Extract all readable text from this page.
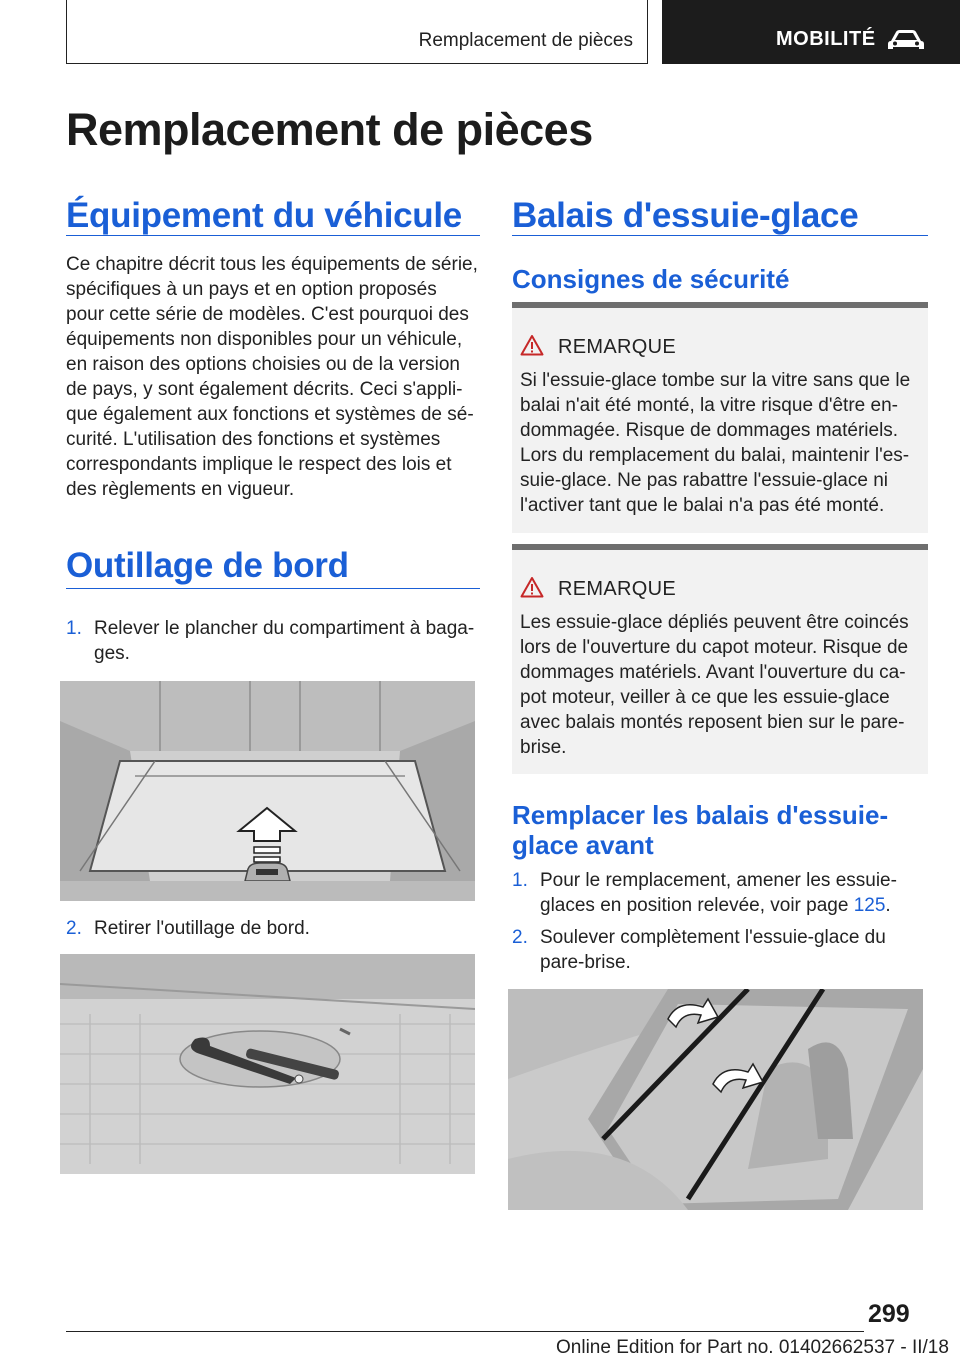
Remplacement de pièces	MOBILITÉ
Remplacement de pièces
Équipement du véhicule
Ce chapitre décrit tous les équipements de série,
spécifiques à un pays et en option proposés
pour cette série de modèles. C'est pourquoi des
équipements non disponibles pour un véhicule,
en raison des options choisies ou de la version
de pays, y sont également décrits. Ceci s'appli‐
que également aux fonctions et systèmes de sé‐
curité. L'utilisation des fonctions et systèmes
correspondants implique le respect des lois et
des règlements en vigueur.
Outillage de bord
1. Relever le plancher du compartiment à baga‐
ges.
2. Retirer l'outillage de bord.
Balais d'essuie-glace
Consignes de sécurité
REMARQUE
Si l'essuie-glace tombe sur la vitre sans que le
balai n'ait été monté, la vitre risque d'être en‐
dommagée. Risque de dommages matériels.
Lors du remplacement du balai, maintenir l'es‐
suie-glace. Ne pas rabattre l'essuie-glace ni
l'activer tant que le balai n'a pas été monté.
REMARQUE
Les essuie-glace dépliés peuvent être coincés
lors de l'ouverture du capot moteur. Risque de
dommages matériels. Avant l'ouverture du ca‐
pot moteur, veiller à ce que les essuie-glace
avec balais montés reposent bien sur le pare-
brise.
Remplacer les balais d'essuie-
glace avant
1. Pour le remplacement, amener les essuie-
glaces en position relevée, voir page 125.
2. Soulever complètement l'essuie-glace du
pare-brise.
299
Online Edition for Part no. 01402662537 - II/18
